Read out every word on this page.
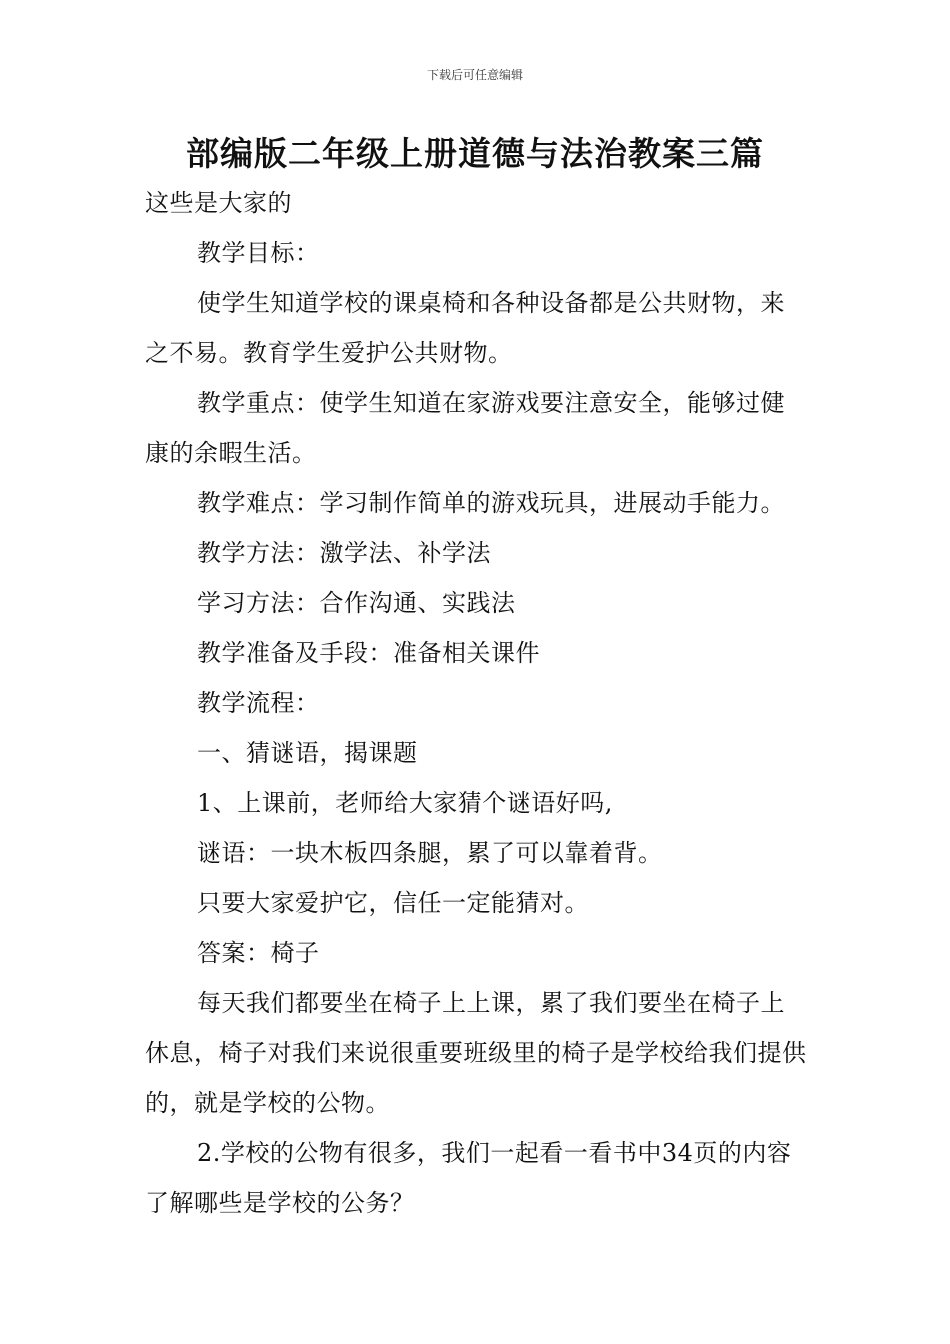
下载后可任意编辑
部编版二年级上册道德与法治教案三篇

这些是大家的

教学目标：

使学生知道学校的课桌椅和各种设备都是公共财物，来之不易。教育学生爱护公共财物。

教学重点：使学生知道在家游戏要注意安全，能够过健康的余暇生活。

教学难点：学习制作简单的游戏玩具，进展动手能力。

教学方法：激学法、补学法

学习方法：合作沟通、实践法

教学准备及手段：准备相关课件

教学流程：

一、猜谜语，揭课题

1、上课前，老师给大家猜个谜语好吗,

谜语：一块木板四条腿，累了可以靠着背。

只要大家爱护它，信任一定能猜对。

答案：椅子

每天我们都要坐在椅子上上课，累了我们要坐在椅子上休息，椅子对我们来说很重要班级里的椅子是学校给我们提供的，就是学校的公物。

2.学校的公物有很多，我们一起看一看书中34页的内容了解哪些是学校的公务？
